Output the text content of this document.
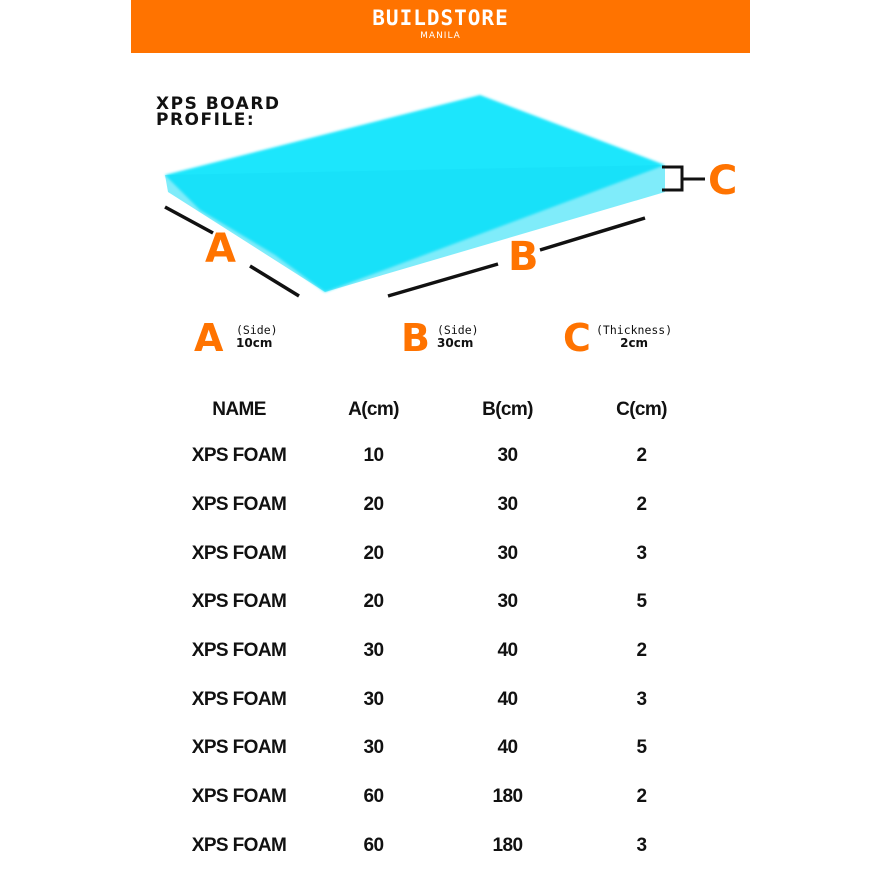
BUILDSTORE
MANILA
XPS BOARD
PROFILE:
A	B
C
A (Side)
10cm	B (Side)
30cm C (Thickness)
2cm
NAME	A(cm)	B(cm)	C(cm)
XPS FOAM	10	30	2
XPS FOAM	20	30	2
XPS FOAM	20	30	3
XPS FOAM	20	30	5
XPS FOAM	30	40	2
XPS FOAM	30	40	3
XPS FOAM	30	40	5
XPS FOAM	60	180	2
XPS FOAM	60	180	3
